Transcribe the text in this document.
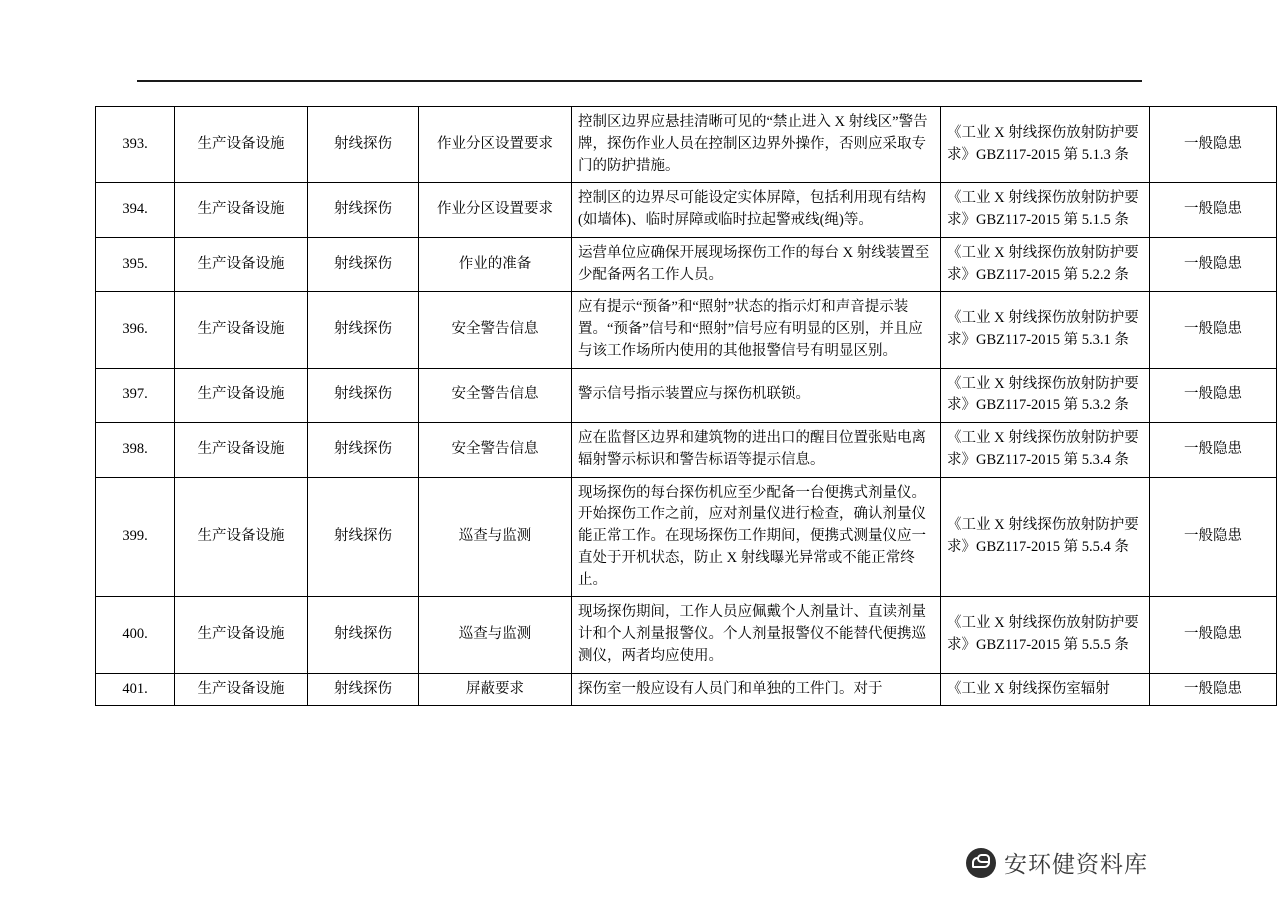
393.	生产设备设施	射线探伤	作业分区设置要求	控制区边界应悬挂清晰可见的“禁止进入 X 射线区”警告牌，探伤作业人员在控制区边界外操作，否则应采取专门的防护措施。	《工业 X 射线探伤放射防护要求》GBZ117-2015 第 5.1.3 条	一般隐患
394.	生产设备设施	射线探伤	作业分区设置要求	控制区的边界尽可能设定实体屏障，包括利用现有结构(如墙体)、临时屏障或临时拉起警戒线(绳)等。	《工业 X 射线探伤放射防护要求》GBZ117-2015 第 5.1.5 条	一般隐患
395.	生产设备设施	射线探伤	作业的准备	运营单位应确保开展现场探伤工作的每台 X 射线装置至少配备两名工作人员。	《工业 X 射线探伤放射防护要求》GBZ117-2015 第 5.2.2 条	一般隐患
396.	生产设备设施	射线探伤	安全警告信息	应有提示“预备”和“照射”状态的指示灯和声音提示装置。“预备”信号和“照射”信号应有明显的区别，并且应与该工作场所内使用的其他报警信号有明显区别。	《工业 X 射线探伤放射防护要求》GBZ117-2015 第 5.3.1 条	一般隐患
397.	生产设备设施	射线探伤	安全警告信息	警示信号指示装置应与探伤机联锁。	《工业 X 射线探伤放射防护要求》GBZ117-2015 第 5.3.2 条	一般隐患
398.	生产设备设施	射线探伤	安全警告信息	应在监督区边界和建筑物的进出口的醒目位置张贴电离辐射警示标识和警告标语等提示信息。	《工业 X 射线探伤放射防护要求》GBZ117-2015 第 5.3.4 条	一般隐患
399.	生产设备设施	射线探伤	巡查与监测	现场探伤的每台探伤机应至少配备一台便携式剂量仪。开始探伤工作之前，应对剂量仪进行检查，确认剂量仪能正常工作。在现场探伤工作期间，便携式测量仪应一直处于开机状态，防止 X 射线曝光异常或不能正常终止。	《工业 X 射线探伤放射防护要求》GBZ117-2015 第 5.5.4 条	一般隐患
400.	生产设备设施	射线探伤	巡查与监测	现场探伤期间，工作人员应佩戴个人剂量计、直读剂量计和个人剂量报警仪。个人剂量报警仪不能替代便携巡测仪，两者均应使用。	《工业 X 射线探伤放射防护要求》GBZ117-2015 第 5.5.5 条	一般隐患
401.	生产设备设施	射线探伤	屏蔽要求	探伤室一般应设有人员门和单独的工件门。对于	《工业 X 射线探伤室辐射	一般隐患
安环健资料库
